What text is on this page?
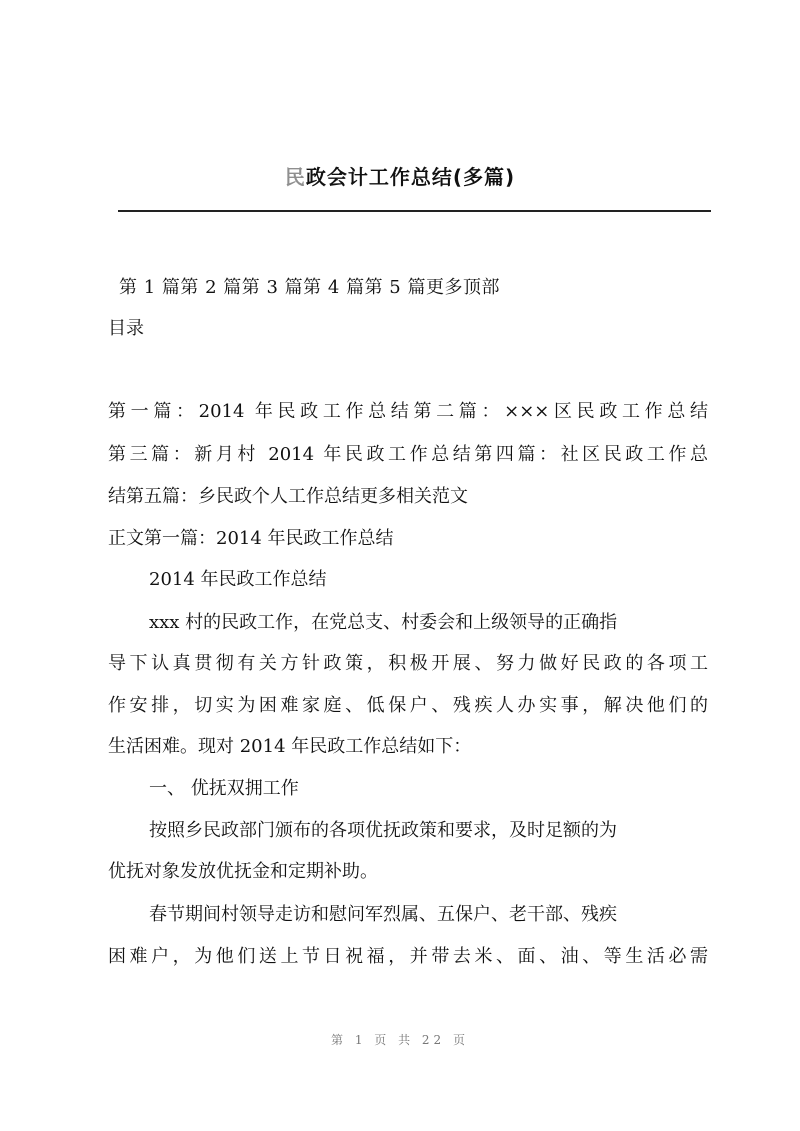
民政会计工作总结(多篇)
第 1 篇第 2 篇第 3 篇第 4 篇第 5 篇更多顶部
目录
第一篇：2014 年民政工作总结第二篇：×××区民政工作总结
第三篇：新月村 2014 年民政工作总结第四篇：社区民政工作总
结第五篇：乡民政个人工作总结更多相关范文
正文第一篇：2014 年民政工作总结
2014 年民政工作总结
xxx 村的民政工作，在党总支、村委会和上级领导的正确指
导下认真贯彻有关方针政策，积极开展、努力做好民政的各项工
作安排，切实为困难家庭、低保户、残疾人办实事，解决他们的
生活困难。现对 2014 年民政工作总结如下：
一、 优抚双拥工作
按照乡民政部门颁布的各项优抚政策和要求，及时足额的为
优抚对象发放优抚金和定期补助。
春节期间村领导走访和慰问军烈属、五保户、老干部、残疾
困难户，为他们送上节日祝福，并带去米、面、油、等生活必需
第 1 页 共 22 页
